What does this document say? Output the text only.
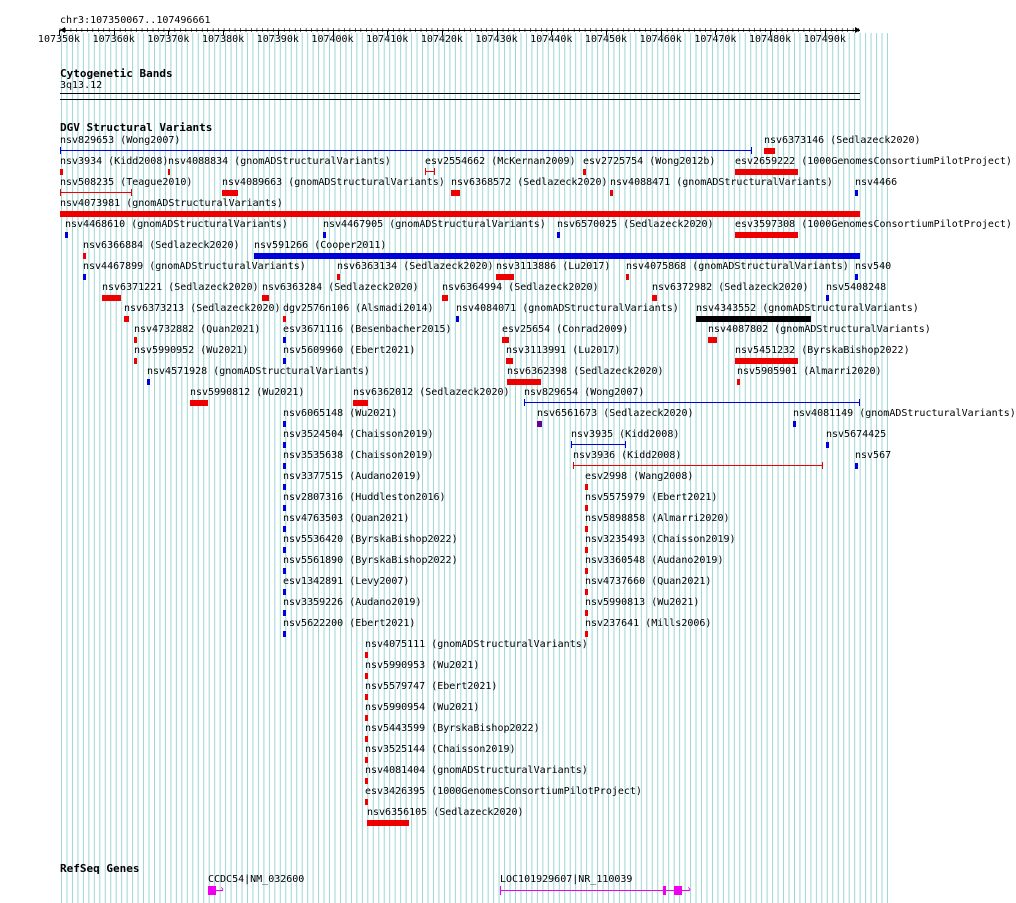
chr3:107350067..107496661
107350k 107360k 107370k 107380k 107390k 107400k 107410k 107420k 107430k 107440k 107450k 107460k 107470k 107480k 107490k
Cytogenetic Bands
3q13.12
DGV Structural Variants
nsv829653 (Wong2007)	nsv6373146 (Sedlazeck2020)
nsv3934 (Kidd2008) nsv4088834 (gnomADStructuralVariants)	esv2554662 (McKernan2009) esv2725754 (Wong2012b) esv2659222 (1000GenomesConsortiumPilotProject)
nsv508235 (Teague2010)	nsv4089663 (gnomADStructuralVariants) nsv6368572 (Sedlazeck2020) nsv4088471 (gnomADStructuralVariants) nsv4466
nsv4073981 (gnomADStructuralVariants)
nsv4468610 (gnomADStructuralVariants)	nsv4467905 (gnomADStructuralVariants) nsv6570025 (Sedlazeck2020) esv3597308 (1000GenomesConsortiumPilotProject)
nsv6366884 (Sedlazeck2020) nsv591266 (Cooper2011)
nsv4467899 (gnomADStructuralVariants)	nsv6363134 (Sedlazeck2020) nsv3113886 (Lu2017) nsv4075868 (gnomADStructuralVariants) nsv540
nsv6371221 (Sedlazeck2020) nsv6363284 (Sedlazeck2020) nsv6364994 (Sedlazeck2020)	nsv6372982 (Sedlazeck2020) nsv5408248
nsv6373213 (Sedlazeck2020) dgv2576n106 (Alsmadi2014) nsv4084071 (gnomADStructuralVariants) nsv4343552 (gnomADStructuralVariants)
nsv4732882 (Quan2021) esv3671116 (Besenbacher2015)	esv25654 (Conrad2009)	nsv4087802 (gnomADStructuralVariants)
nsv5990952 (Wu2021)	nsv5609960 (Ebert2021)	nsv3113991 (Lu2017)	nsv5451232 (ByrskaBishop2022)
nsv4571928 (gnomADStructuralVariants)	nsv6362398 (Sedlazeck2020)	nsv5905901 (Almarri2020)
nsv5990812 (Wu2021)	nsv6362012 (Sedlazeck2020) nsv829654 (Wong2007)
nsv6065148 (Wu2021)	nsv6561673 (Sedlazeck2020)	nsv4081149 (gnomADStructuralVariants)
nsv3524504 (Chaisson2019)	nsv3935 (Kidd2008)	nsv5674425
nsv3535638 (Chaisson2019)	nsv3936 (Kidd2008)	nsv567
nsv3377515 (Audano2019)	esv2998 (Wang2008)
nsv2807316 (Huddleston2016)	nsv5575979 (Ebert2021)
nsv4763503 (Quan2021)	nsv5898858 (Almarri2020)
nsv5536420 (ByrskaBishop2022)	nsv3235493 (Chaisson2019)
nsv5561890 (ByrskaBishop2022)	nsv3360548 (Audano2019)
esv1342891 (Levy2007)	nsv4737660 (Quan2021)
nsv3359226 (Audano2019)	nsv5990813 (Wu2021)
nsv5622200 (Ebert2021)	nsv237641 (Mills2006)
nsv4075111 (gnomADStructuralVariants)
nsv5990953 (Wu2021)
nsv5579747 (Ebert2021)
nsv5990954 (Wu2021)
nsv5443599 (ByrskaBishop2022)
nsv3525144 (Chaisson2019)
nsv4081404 (gnomADStructuralVariants)
esv3426395 (1000GenomesConsortiumPilotProject)
nsv6356105 (Sedlazeck2020)
RefSeq Genes
CCDC54|NM_032600
›
LOC101929607|NR_110039
›
